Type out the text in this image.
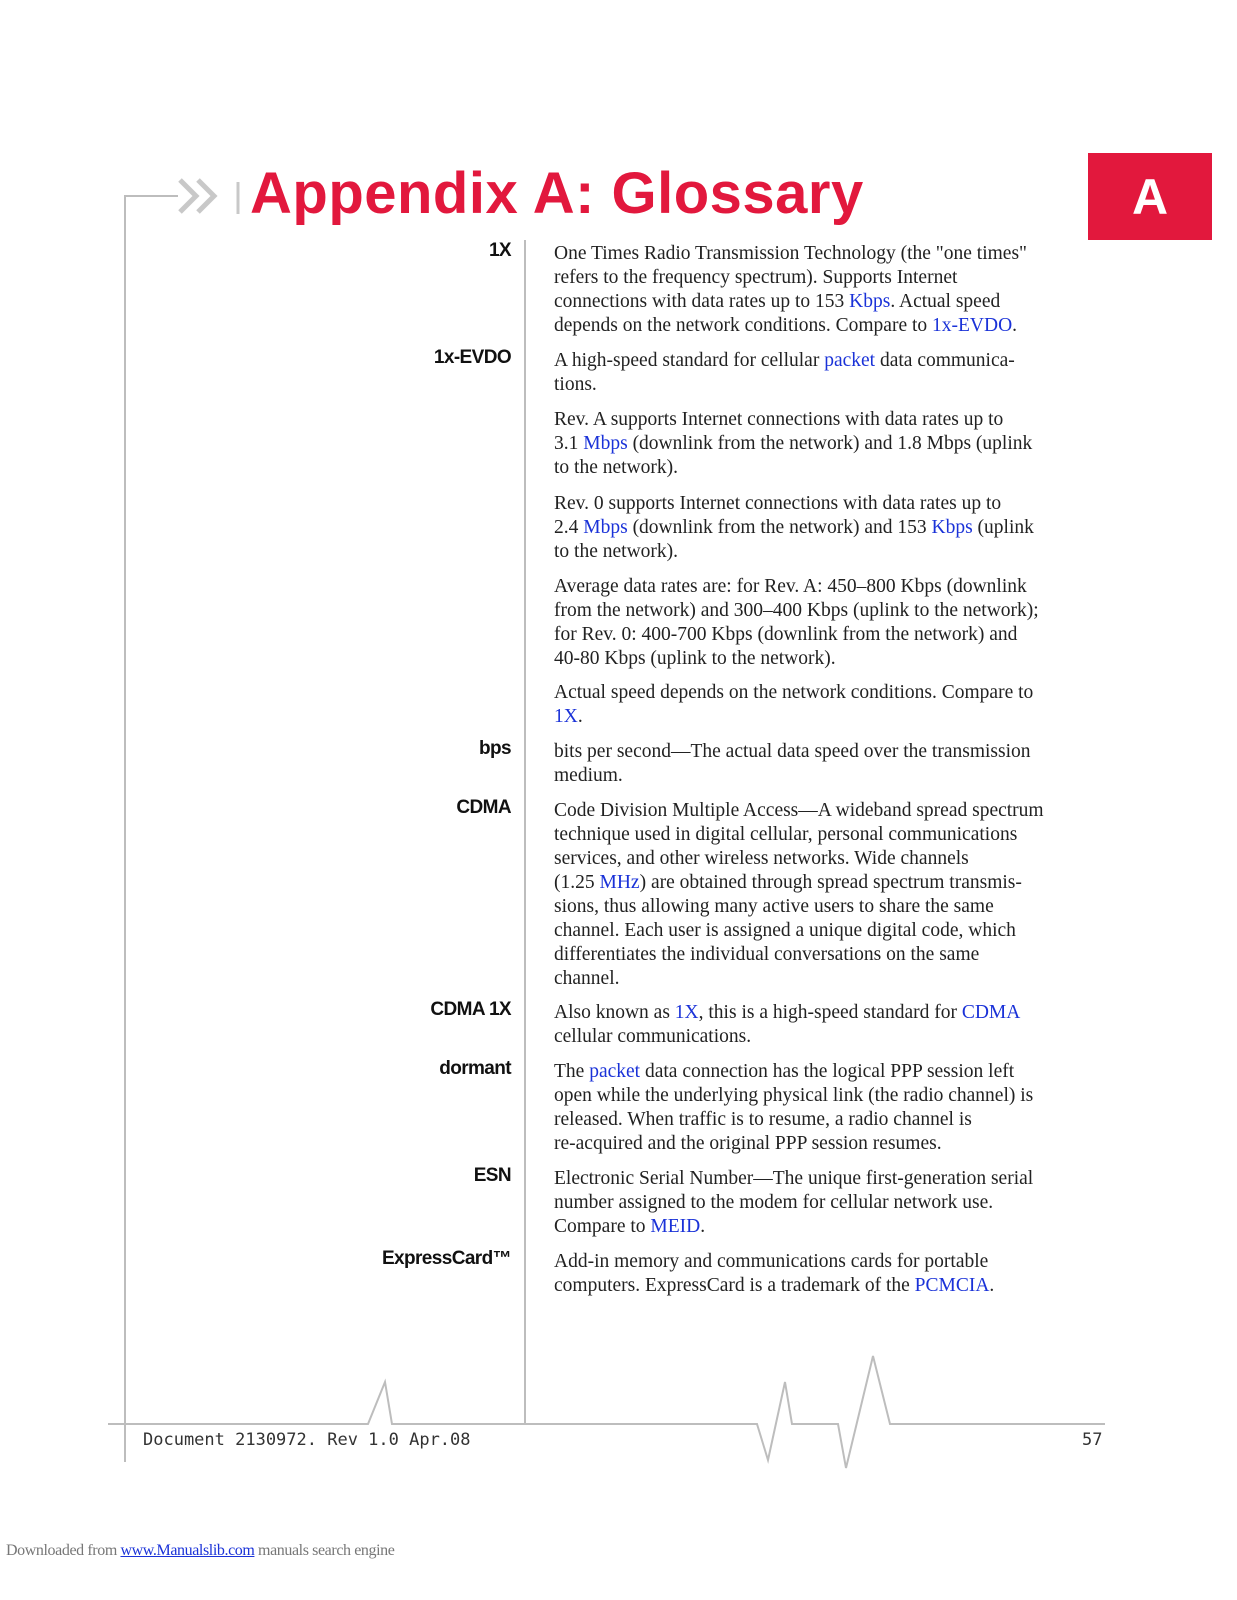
Appendix A: Glossary	A
1X One Times Radio Transmission Technology (the "one times"
refers to the frequency spectrum). Supports Internet
connections with data rates up to 153 Kbps. Actual speed
depends on the network conditions. Compare to 1x-EVDO.

1x-EVDO A high-speed standard for cellular packet data communica-
tions.

Rev. A supports Internet connections with data rates up to
3.1 Mbps (downlink from the network) and 1.8 Mbps (uplink
to the network).

Rev. 0 supports Internet connections with data rates up to
2.4 Mbps (downlink from the network) and 153 Kbps (uplink
to the network).

Average data rates are: for Rev. A: 450–800 Kbps (downlink
from the network) and 300–400 Kbps (uplink to the network);
for Rev. 0: 400-700 Kbps (downlink from the network) and
40-80 Kbps (uplink to the network).

Actual speed depends on the network conditions. Compare to
1X.

bps bits per second—The actual data speed over the transmission
medium.

CDMA Code Division Multiple Access—A wideband spread spectrum
technique used in digital cellular, personal communications
services, and other wireless networks. Wide channels
(1.25 MHz) are obtained through spread spectrum transmis-
sions, thus allowing many active users to share the same
channel. Each user is assigned a unique digital code, which
differentiates the individual conversations on the same
channel.

CDMA 1X Also known as 1X, this is a high-speed standard for CDMA
cellular communications.

dormant The packet data connection has the logical PPP session left
open while the underlying physical link (the radio channel) is
released. When traffic is to resume, a radio channel is
re-acquired and the original PPP session resumes.

ESN Electronic Serial Number—The unique first-generation serial
number assigned to the modem for cellular network use.
Compare to MEID.

ExpressCard™ Add-in memory and communications cards for portable
computers. ExpressCard is a trademark of the PCMCIA.

Document 2130972. Rev 1.0 Apr.08	57
Downloaded from www.Manualslib.com manuals search engine
